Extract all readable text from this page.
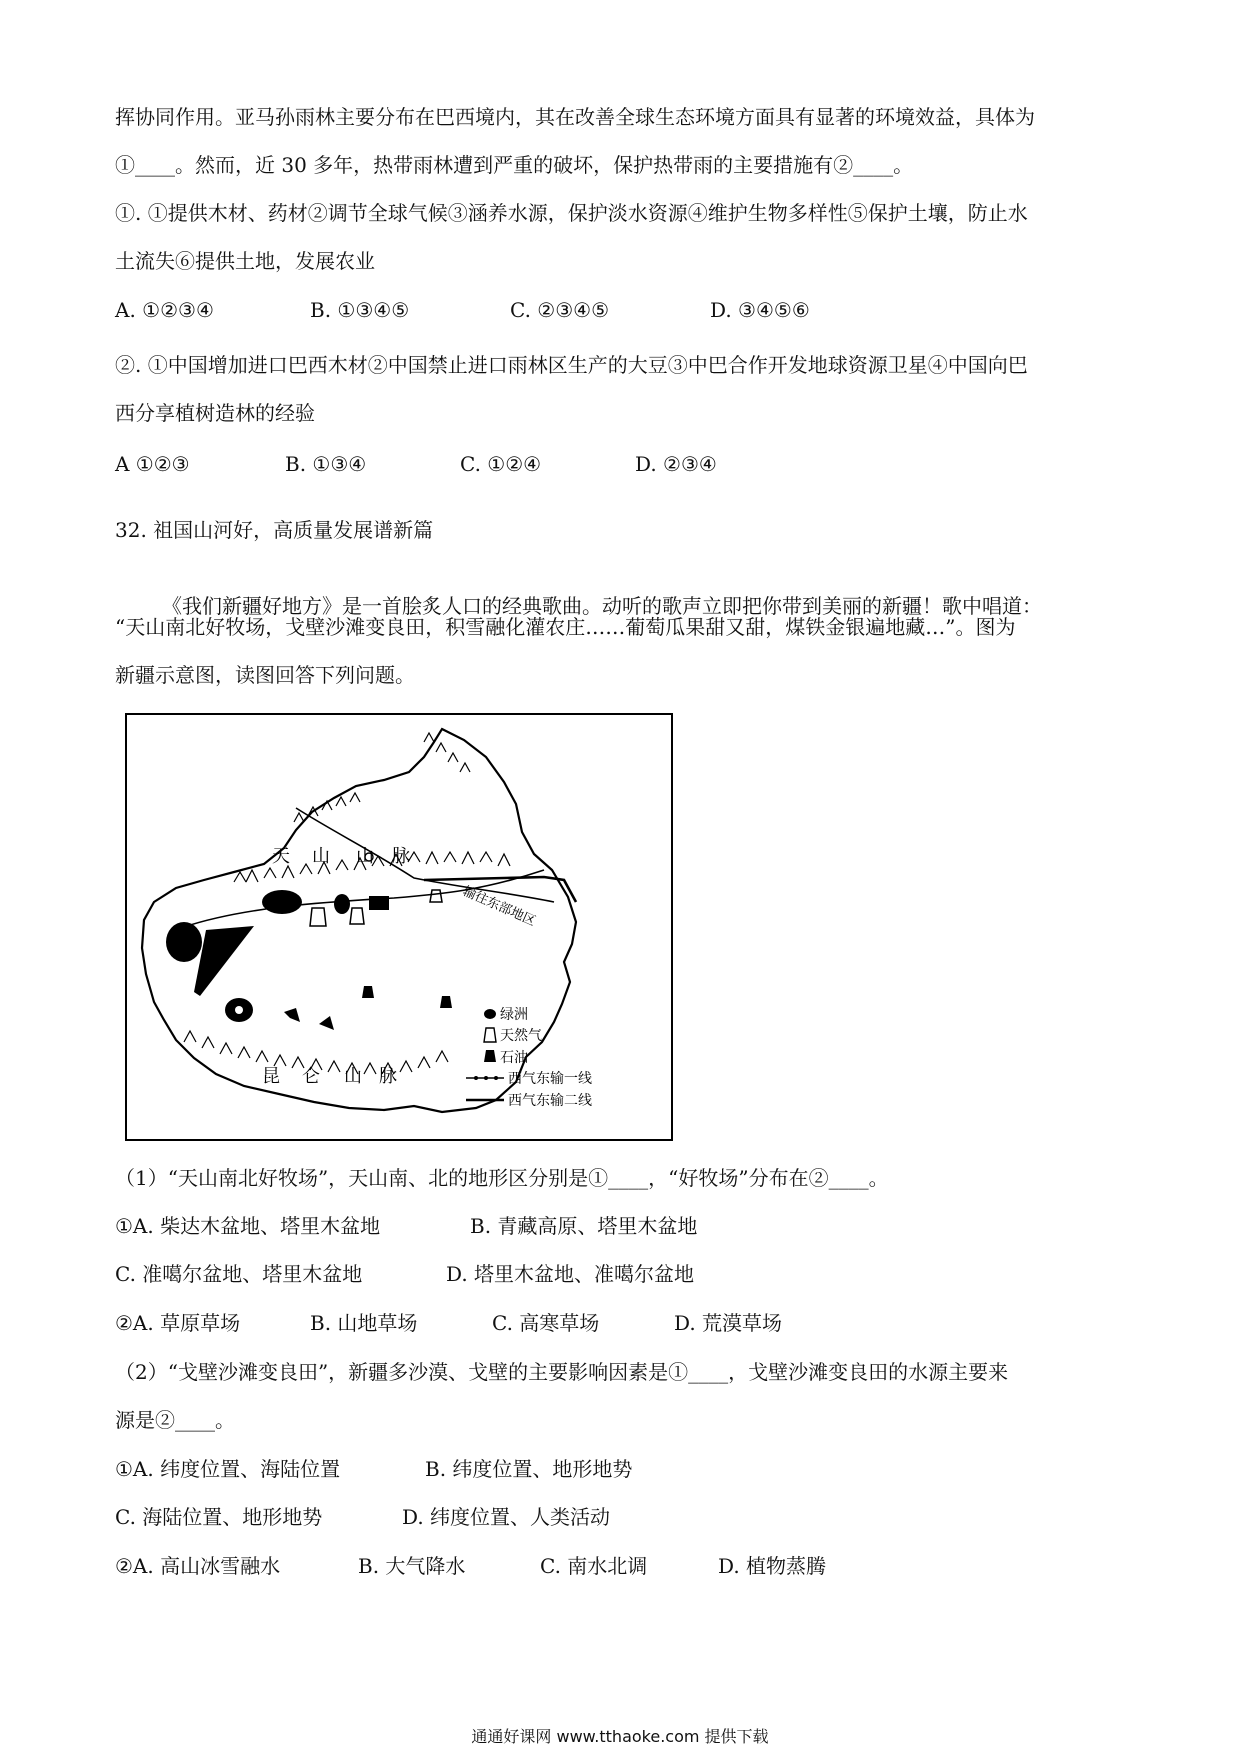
挥协同作用。亚马孙雨林主要分布在巴西境内，其在改善全球生态环境方面具有显著的环境效益，具体为
①____。然而，近 30 多年，热带雨林遭到严重的破坏，保护热带雨的主要措施有②____。
①. ①提供木材、药材②调节全球气候③涵养水源，保护淡水资源④维护生物多样性⑤保护土壤，防止水
土流失⑥提供土地，发展农业
A. ①②③④	B. ①③④⑤	C. ②③④⑤	D. ③④⑤⑥
②. ①中国增加进口巴西木材②中国禁止进口雨林区生产的大豆③中巴合作开发地球资源卫星④中国向巴
西分享植树造林的经验
A ①②③	B. ①③④	C. ①②④	D. ②③④
32. 祖国山河好，高质量发展谱新篇
《我们新疆好地方》是一首脍炙人口的经典歌曲。动听的歌声立即把你带到美丽的新疆！歌中唱道：
“天山南北好牧场，戈壁沙滩变良田，积雪融化灌农庄……葡萄瓜果甜又甜，煤铁金银遍地藏…”。图为
新疆示意图，读图回答下列问题。
天 山 山 脉
昆 仑 山 脉
输往东部地区
绿洲
天然气
石油
西气东输一线
西气东输二线
（1）“天山南北好牧场”，天山南、北的地形区分别是①____，“好牧场”分布在②____。
①A. 柴达木盆地、塔里木盆地	B. 青藏高原、塔里木盆地
C. 准噶尔盆地、塔里木盆地	D. 塔里木盆地、准噶尔盆地
②A. 草原草场	B. 山地草场	C. 高寒草场	D. 荒漠草场
（2）“戈壁沙滩变良田”，新疆多沙漠、戈壁的主要影响因素是①____，戈壁沙滩变良田的水源主要来
源是②____。
①A. 纬度位置、海陆位置	B. 纬度位置、地形地势
C. 海陆位置、地形地势	D. 纬度位置、人类活动
②A. 高山冰雪融水	B. 大气降水	C. 南水北调	D. 植物蒸腾
通通好课网 www.tthaoke.com 提供下载
